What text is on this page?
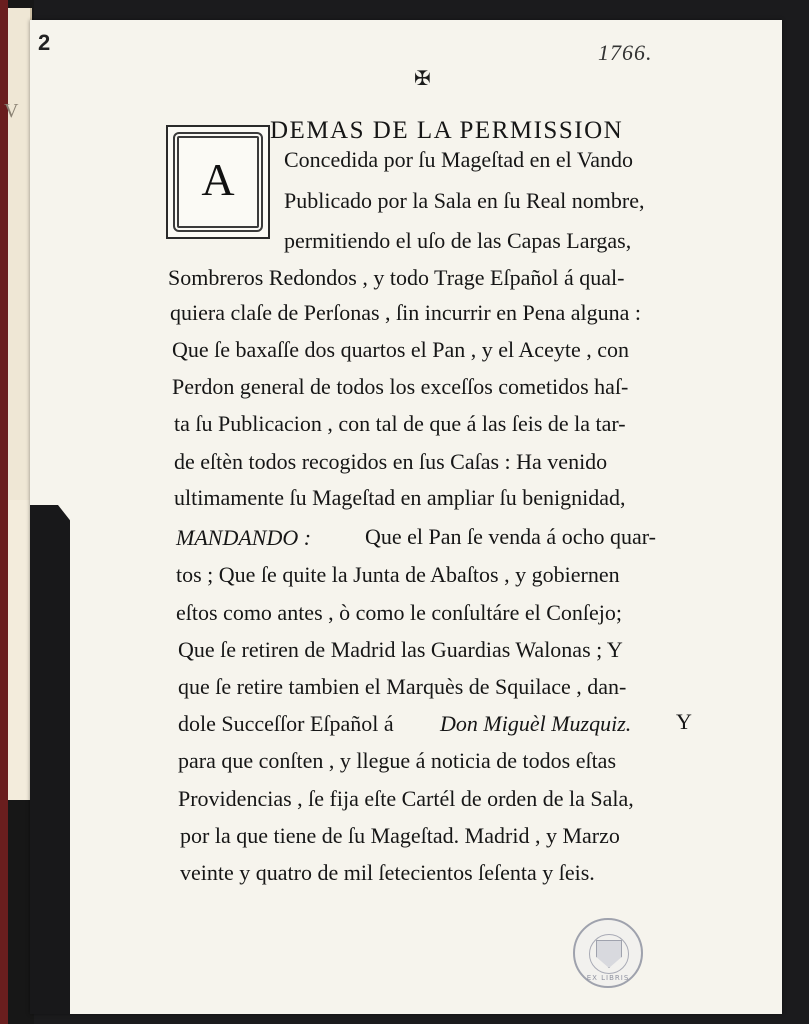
V
2	1766.
✠
A
DEMAS DE LA PERMISSION
Concedida por ſu Mageſtad en el Vando
Publicado por la Sala en ſu Real nombre,
permitiendo el uſo de las Capas Largas,
Sombreros Redondos , y todo Trage Eſpañol á qual-
quiera claſe de Perſonas , ſin incurrir en Pena alguna :
Que ſe baxaſſe dos quartos el Pan , y el Aceyte , con
Perdon general de todos los exceſſos cometidos haſ-
ta ſu Publicacion , con tal de que á las ſeis de la tar-
de eſtèn todos recogidos en ſus Caſas : Ha venido
ultimamente ſu Mageſtad en ampliar ſu benignidad,
MANDANDO : Que el Pan ſe venda á ocho quar-
tos ; Que ſe quite la Junta de Abaſtos , y gobiernen
eſtos como antes , ò como le conſultáre el Conſejo;
Que ſe retiren de Madrid las Guardias Walonas ; Y
que ſe retire tambien el Marquès de Squilace , dan-
dole Succeſſor Eſpañol á Don Miguèl Muzquiz. Y
para que conſten , y llegue á noticia de todos eſtas
Providencias , ſe fija eſte Cartél de orden de la Sala,
por la que tiene de ſu Mageſtad. Madrid , y Marzo
veinte y quatro de mil ſetecientos ſeſenta y ſeis.
EX LIBRIS
